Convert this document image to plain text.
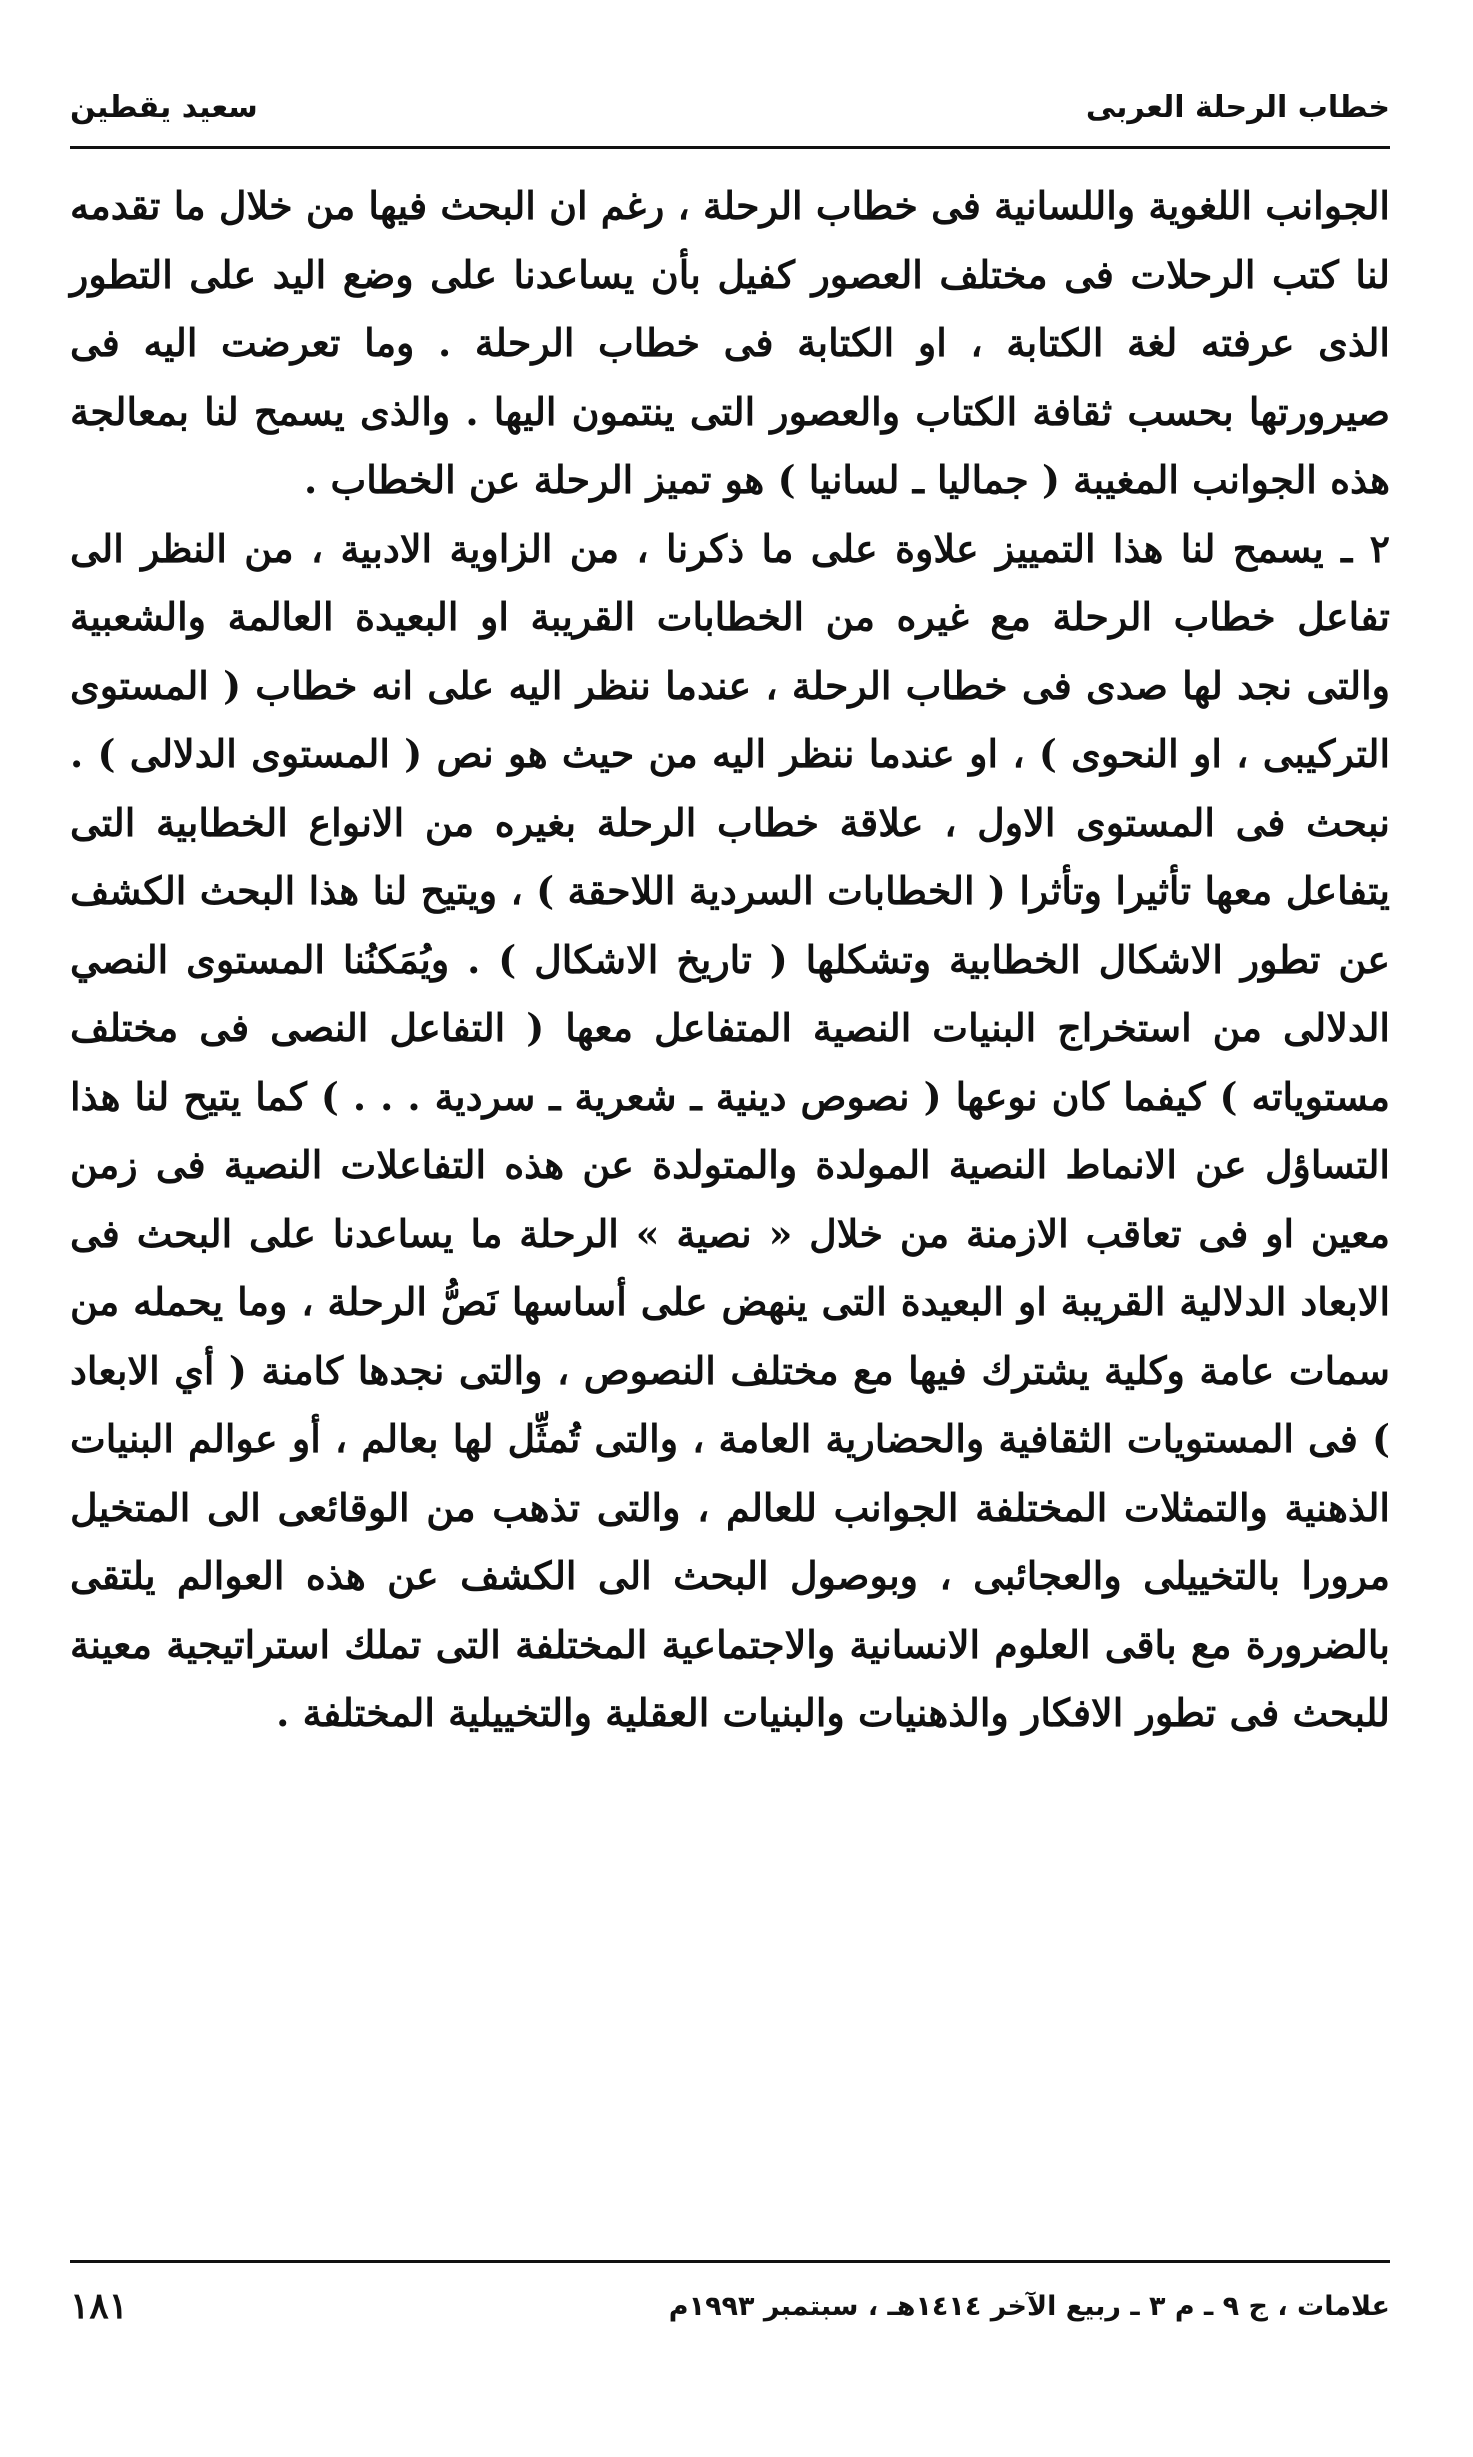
خطاب الرحلة العربى
سعيد يقطين

الجوانب اللغوية واللسانية فى خطاب الرحلة ، رغم ان البحث فيها من خلال ما تقدمه لنا كتب الرحلات فى مختلف العصور كفيل بأن يساعدنا على وضع اليد على التطور الذى عرفته لغة الكتابة ، او الكتابة فى خطاب الرحلة . وما تعرضت اليه فى صيرورتها بحسب ثقافة الكتاب والعصور التى ينتمون اليها . والذى يسمح لنا بمعالجة هذه الجوانب المغيبة ( جماليا ـ لسانيا ) هو تميز الرحلة عن الخطاب .

٢ ـ يسمح لنا هذا التمييز علاوة على ما ذكرنا ، من الزاوية الادبية ، من النظر الى تفاعل خطاب الرحلة مع غيره من الخطابات القريبة او البعيدة العالمة والشعبية والتى نجد لها صدى فى خطاب الرحلة ، عندما ننظر اليه على انه خطاب ( المستوى التركيبى ، او النحوى ) ، او عندما ننظر اليه من حيث هو نص ( المستوى الدلالى ) . نبحث فى المستوى الاول ، علاقة خطاب الرحلة بغيره من الانواع الخطابية التى يتفاعل معها تأثيرا وتأثرا ( الخطابات السردية اللاحقة ) ، ويتيح لنا هذا البحث الكشف عن تطور الاشكال الخطابية وتشكلها ( تاريخ الاشكال ) . ويُمَكنُنا المستوى النصي الدلالى من استخراج البنيات النصية المتفاعل معها ( التفاعل النصى فى مختلف مستوياته ) كيفما كان نوعها ( نصوص دينية ـ شعرية ـ سردية . . . ) كما يتيح لنا هذا التساؤل عن الانماط النصية المولدة والمتولدة عن هذه التفاعلات النصية فى زمن معين او فى تعاقب الازمنة من خلال « نصية » الرحلة ما يساعدنا على البحث فى الابعاد الدلالية القريبة او البعيدة التى ينهض على أساسها نَصُّ الرحلة ، وما يحمله من سمات عامة وكلية يشترك فيها مع مختلف النصوص ، والتى نجدها كامنة ( أي الابعاد ) فى المستويات الثقافية والحضارية العامة ، والتى تُمثِّل لها بعالم ، أو عوالم البنيات الذهنية والتمثلات المختلفة الجوانب للعالم ، والتى تذهب من الوقائعى الى المتخيل مرورا بالتخييلى والعجائبى ، وبوصول البحث الى الكشف عن هذه العوالم يلتقى بالضرورة مع باقى العلوم الانسانية والاجتماعية المختلفة التى تملك استراتيجية معينة للبحث فى تطور الافكار والذهنيات والبنيات العقلية والتخييلية المختلفة .

علامات ، ج ٩ ـ م ٣ ـ ربيع الآخر ١٤١٤هـ ، سبتمبر ١٩٩٣م
١٨١
